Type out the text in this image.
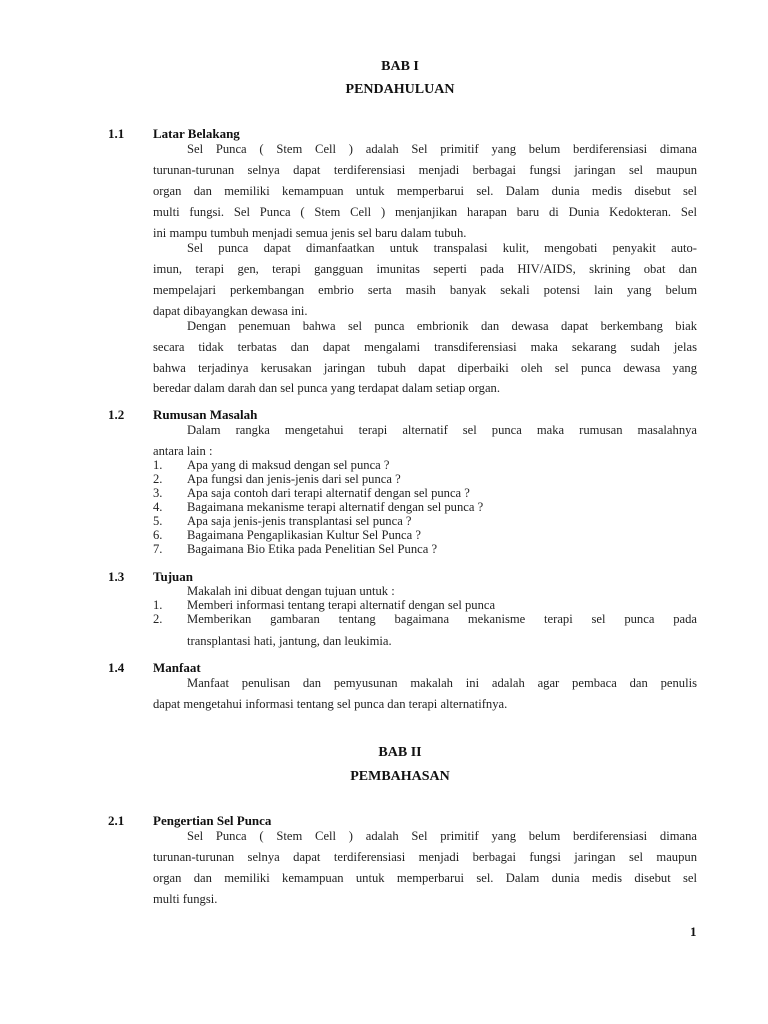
BAB I
PENDAHULUAN
1.1 Latar Belakang
Sel Punca ( Stem Cell ) adalah Sel primitif yang belum berdiferensiasi dimana
turunan-turunan selnya dapat terdiferensiasi menjadi berbagai fungsi jaringan sel maupun
organ dan memiliki kemampuan untuk memperbarui sel. Dalam dunia medis disebut sel
multi fungsi. Sel Punca ( Stem Cell ) menjanjikan harapan baru di Dunia Kedokteran. Sel
ini mampu tumbuh menjadi semua jenis sel baru dalam tubuh.
Sel punca dapat dimanfaatkan untuk transpalasi kulit, mengobati penyakit auto-
imun, terapi gen, terapi gangguan imunitas seperti pada HIV/AIDS, skrining obat dan
mempelajari perkembangan embrio serta masih banyak sekali potensi lain yang belum
dapat dibayangkan dewasa ini.
Dengan penemuan bahwa sel punca embrionik dan dewasa dapat berkembang biak
secara tidak terbatas dan dapat mengalami transdiferensiasi maka sekarang sudah jelas
bahwa terjadinya kerusakan jaringan tubuh dapat diperbaiki oleh sel punca dewasa yang
beredar dalam darah dan sel punca yang terdapat dalam setiap organ.
1.2 Rumusan Masalah
Dalam rangka mengetahui terapi alternatif sel punca maka rumusan masalahnya
antara lain :
1. Apa yang di maksud dengan sel punca ?
2. Apa fungsi dan jenis-jenis dari sel punca ?
3. Apa saja contoh dari terapi alternatif dengan sel punca ?
4. Bagaimana mekanisme terapi alternatif dengan sel punca ?
5. Apa saja jenis-jenis transplantasi sel punca ?
6. Bagaimana Pengaplikasian Kultur Sel Punca ?
7. Bagaimana Bio Etika pada Penelitian Sel Punca ?
1.3 Tujuan
Makalah ini dibuat dengan tujuan untuk :
1. Memberi informasi tentang terapi alternatif dengan sel punca
2. Memberikan gambaran tentang bagaimana mekanisme terapi sel punca pada
transplantasi hati, jantung, dan leukimia.
1.4 Manfaat
Manfaat penulisan dan pemyusunan makalah ini adalah agar pembaca dan penulis
dapat mengetahui informasi tentang sel punca dan terapi alternatifnya.
BAB II
PEMBAHASAN
2.1 Pengertian Sel Punca
Sel Punca ( Stem Cell ) adalah Sel primitif yang belum berdiferensiasi dimana
turunan-turunan selnya dapat terdiferensiasi menjadi berbagai fungsi jaringan sel maupun
organ dan memiliki kemampuan untuk memperbarui sel. Dalam dunia medis disebut sel
multi fungsi.
1
